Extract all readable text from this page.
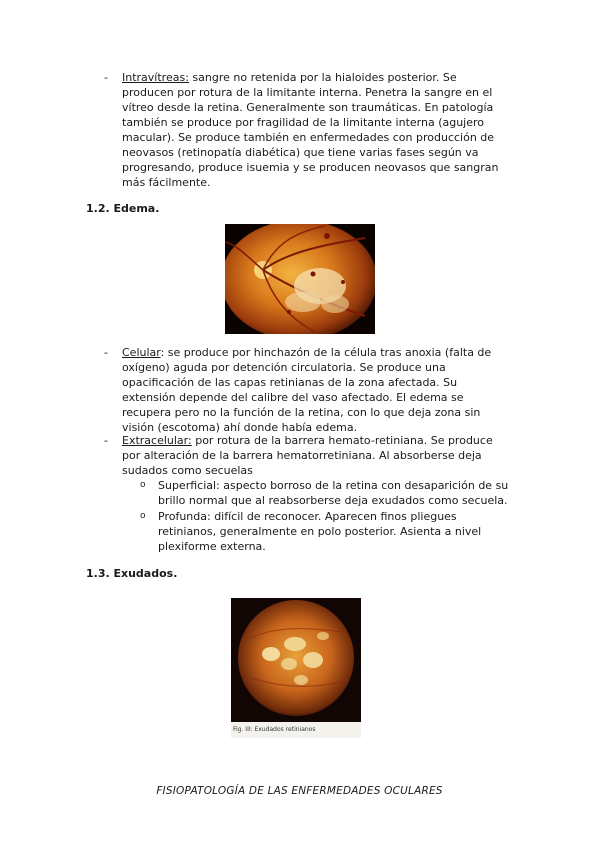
- Intravítreas: sangre no retenida por la hialoides posterior. Se

producen por rotura de la limitante interna. Penetra la sangre en el

vítreo desde la retina. Generalmente son traumáticas. En patología

también se produce por fragilidad de la limitante interna (agujero

macular). Se produce también en enfermedades con producción de

neovasos (retinopatía diabética) que tiene varias fases según va

progresando, produce isuemia y se producen neovasos que sangran

más fácilmente.

1.2. Edema.
- Celular: se produce por hinchazón de la célula tras anoxia (falta de

oxígeno) aguda por detención circulatoria. Se produce una

opacificación de las capas retinianas de la zona afectada. Su

extensión depende del calibre del vaso afectado. El edema se

recupera pero no la función de la retina, con lo que deja zona sin

visión (escotoma) ahí donde había edema.

- Extracelular: por rotura de la barrera hemato-retiniana. Se produce

por alteración de la barrera hematorretiniana. Al absorberse deja

sudados como secuelas

o Superficial: aspecto borroso de la retina con desaparición de su
brillo normal que al reabsorberse deja exudados como secuela.
o Profunda: difícil de reconocer. Aparecen finos pliegues
retinianos, generalmente en polo posterior. Asienta a nivel
plexiforme externa.
1.3. Exudados.
Fig. III: Exudados retinianos
FISIOPATOLOGÍA DE LAS ENFERMEDADES OCULARES
